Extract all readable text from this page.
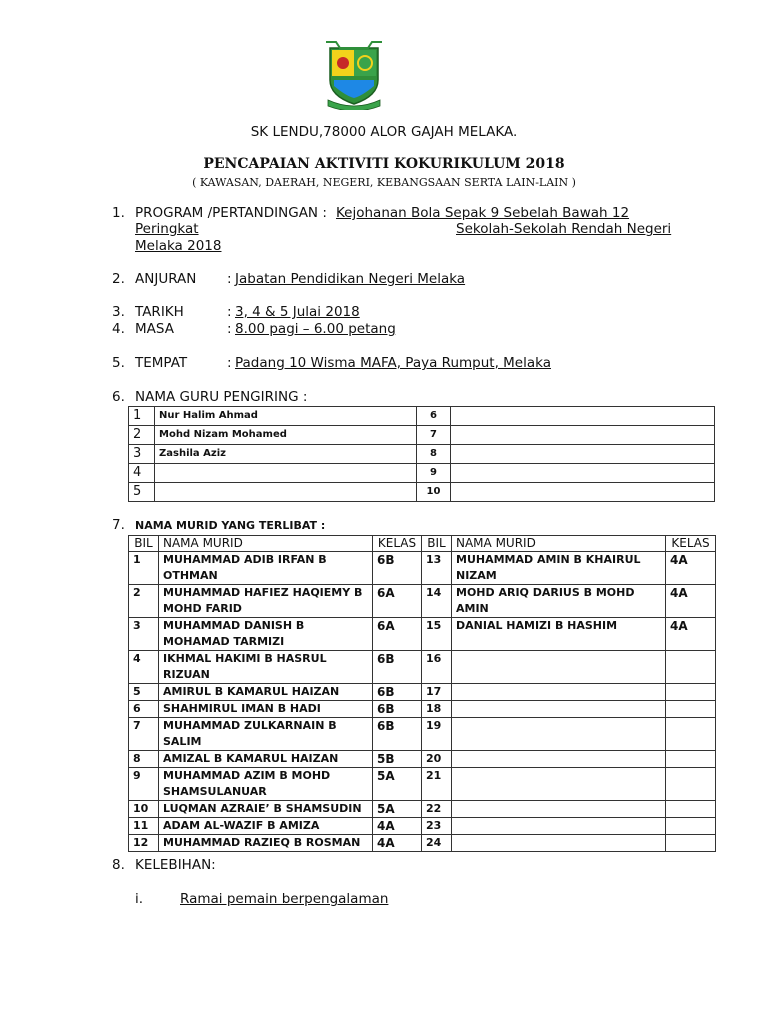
SK LENDU,78000 ALOR GAJAH MELAKA.
PENCAPAIAN AKTIVITI KOKURIKULUM 2018
( KAWASAN, DAERAH, NEGERI, KEBANGSAAN SERTA LAIN-LAIN )
1. PROGRAM /PERTANDINGAN : Kejohanan Bola Sepak 9 Sebelah Bawah 12
Peringkat	Sekolah-Sekolah Rendah Negeri
Melaka 2018
2. ANJURAN : Jabatan Pendidikan Negeri Melaka
3. TARIKH	: 3, 4 & 5 Julai 2018
4. MASA	: 8.00 pagi – 6.00 petang
5. TEMPAT	: Padang 10 Wisma MAFA, Paya Rumput, Melaka
6. NAMA GURU PENGIRING :
1	Nur Halim Ahmad	6	
2	Mohd Nizam Mohamed	7	
3	Zashila Aziz	8	
4		9	
5		10	
7. NAMA MURID YANG TERLIBAT :
BIL	NAMA MURID	KELAS	BIL	NAMA MURID	KELAS
1	MUHAMMAD ADIB IRFAN B OTHMAN	6B	13	MUHAMMAD AMIN B KHAIRUL NIZAM	4A
2	MUHAMMAD HAFIEZ HAQIEMY B MOHD FARID	6A	14	MOHD ARIQ DARIUS B MOHD AMIN	4A
3	MUHAMMAD DANISH B MOHAMAD TARMIZI	6A	15	DANIAL HAMIZI B HASHIM	4A
4	IKHMAL HAKIMI B HASRUL RIZUAN	6B	16		
5	AMIRUL B KAMARUL HAIZAN	6B	17		
6	SHAHMIRUL IMAN B HADI	6B	18		
7	MUHAMMAD ZULKARNAIN B SALIM	6B	19		
8	AMIZAL B KAMARUL HAIZAN	5B	20		
9	MUHAMMAD AZIM B MOHD SHAMSULANUAR	5A	21		
10	LUQMAN AZRAIE’ B SHAMSUDIN	5A	22		
11	ADAM AL-WAZIF B AMIZA	4A	23		
12	MUHAMMAD RAZIEQ B ROSMAN	4A	24		
8. KELEBIHAN:
i.	Ramai pemain berpengalaman
